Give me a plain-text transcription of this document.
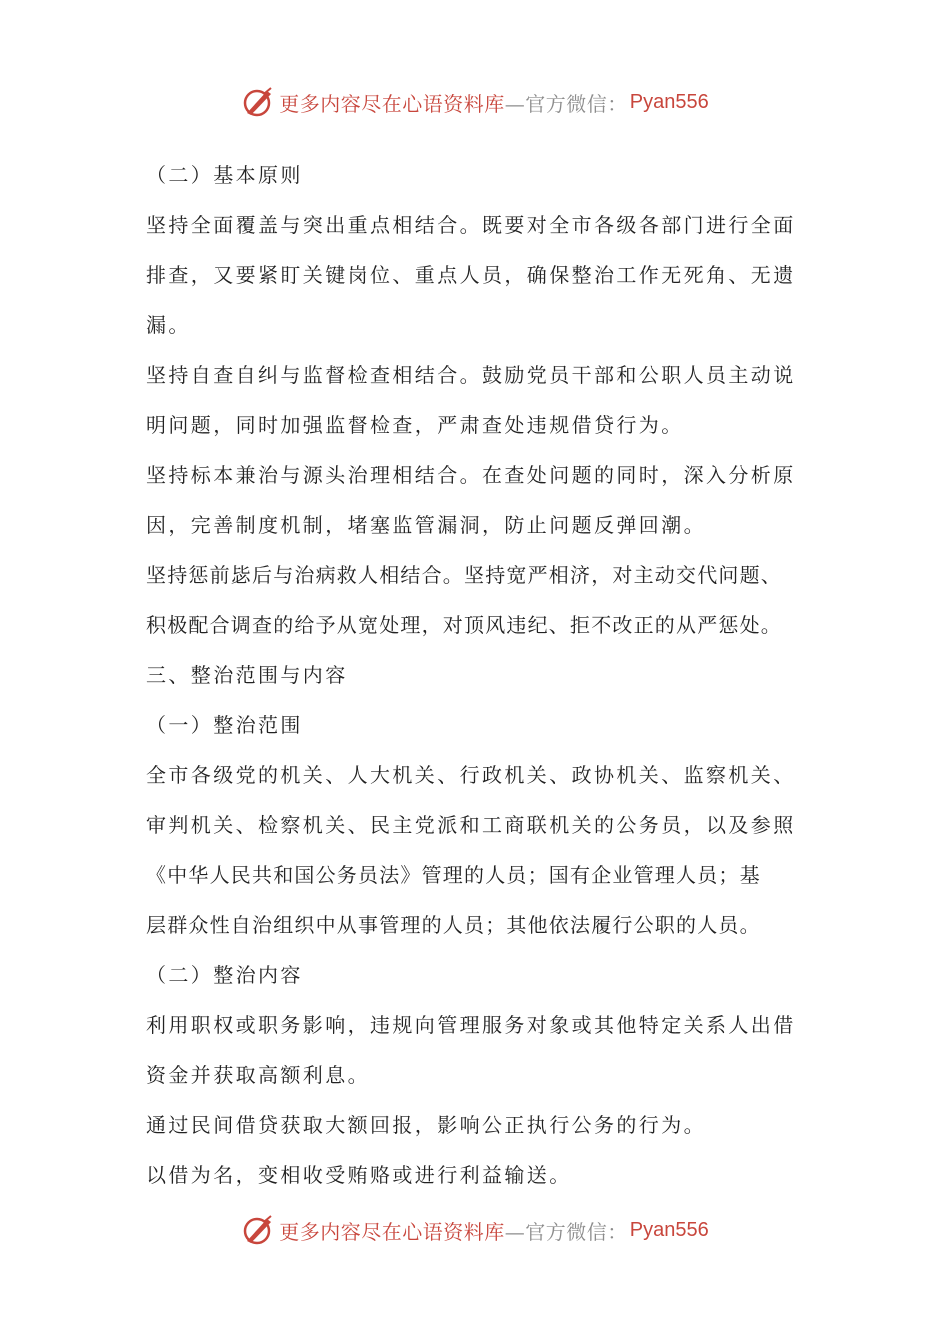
更多内容尽在心语资料库 —官方微信： Pyan556
（二）基本原则
坚持全面覆盖与突出重点相结合。既要对全市各级各部门进行全面
排查，又要紧盯关键岗位、重点人员，确保整治工作无死角、无遗
漏。
坚持自查自纠与监督检查相结合。鼓励党员干部和公职人员主动说
明问题，同时加强监督检查，严肃查处违规借贷行为。
坚持标本兼治与源头治理相结合。在查处问题的同时，深入分析原
因，完善制度机制，堵塞监管漏洞，防止问题反弹回潮。
坚持惩前毖后与治病救人相结合。坚持宽严相济，对主动交代问题、
积极配合调查的给予从宽处理，对顶风违纪、拒不改正的从严惩处。
三、整治范围与内容
（一）整治范围
全市各级党的机关、人大机关、行政机关、政协机关、监察机关、
审判机关、检察机关、民主党派和工商联机关的公务员，以及参照
《中华人民共和国公务员法》管理的人员；国有企业管理人员；基
层群众性自治组织中从事管理的人员；其他依法履行公职的人员。
（二）整治内容
利用职权或职务影响，违规向管理服务对象或其他特定关系人出借
资金并获取高额利息。
通过民间借贷获取大额回报，影响公正执行公务的行为。
以借为名，变相收受贿赂或进行利益输送。
更多内容尽在心语资料库 —官方微信： Pyan556
